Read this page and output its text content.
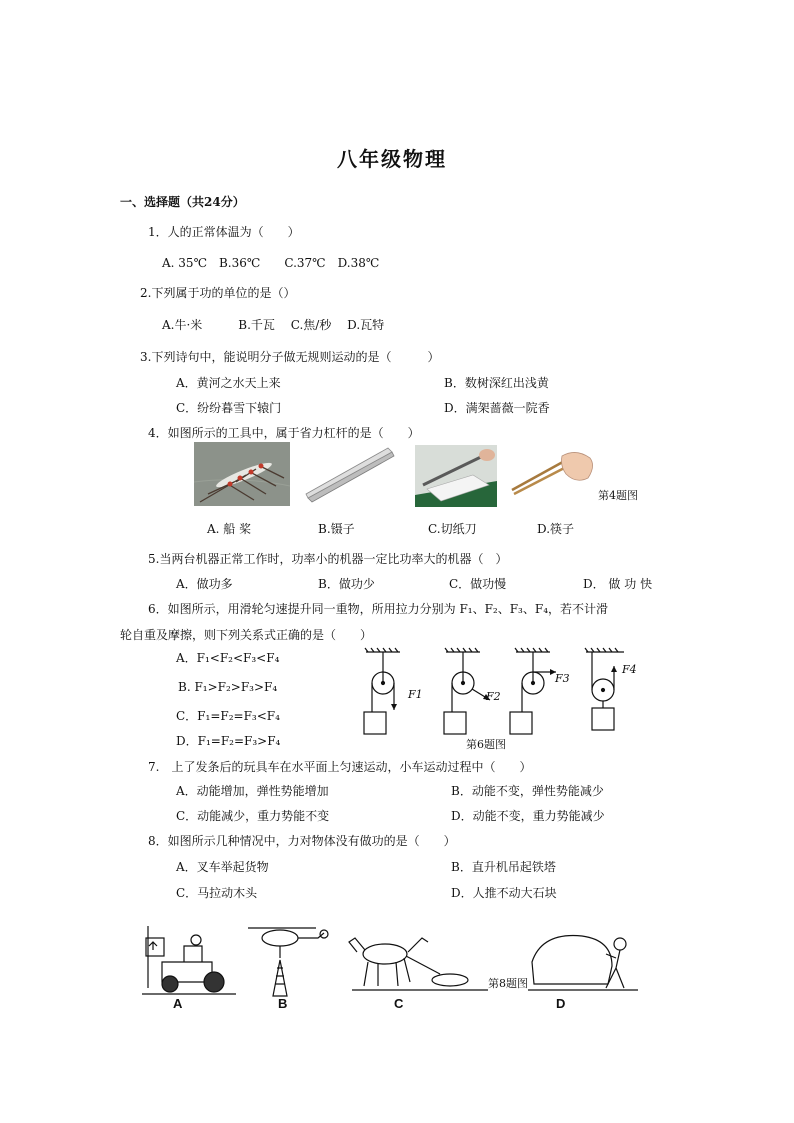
八年级物理
一、选择题（共24分）
1．人的正常体温为（　　）
A. 35℃　B.36℃　　C.37℃　D.38℃
2.下列属于功的单位的是（）
A.牛·米　　　B.千瓦　 C.焦/秒　 D.瓦特
3.下列诗句中，能说明分子做无规则运动的是（　　　）
A．黄河之水天上来	B．数树深红出浅黄
C．纷纷暮雪下辕门	D．满架蔷薇一院香
4．如图所示的工具中，属于省力杠杆的是（　　）
第4题图
A. 船 桨	B.镊子	C.切纸刀	D.筷子
5.当两台机器正常工作时，功率小的机器一定比功率大的机器（　）
A．做功多	B．做功少	C．做功慢	D． 做 功 快
6．如图所示，用滑轮匀速提升同一重物，所用拉力分别为 F₁、F₂、F₃、F₄，若不计滑
轮自重及摩擦，则下列关系式正确的是（　　）
A．F₁<F₂<F₃<F₄
B. F₁>F₂>F₃>F₄
C．F₁=F₂=F₃<F₄
D．F₁=F₂=F₃>F₄
F1	F2
F3
F4
第6题图
7.　上了发条后的玩具车在水平面上匀速运动，小车运动过程中（　　）
A．动能增加，弹性势能增加	B．动能不变，弹性势能减少
C．动能减少，重力势能不变	D．动能不变，重力势能减少
8．如图所示几种情况中，力对物体没有做功的是（　　）
A．叉车举起货物	B．直升机吊起铁塔
C．马拉动木头	D．人推不动大石块
第8题图
A	B	C	D
